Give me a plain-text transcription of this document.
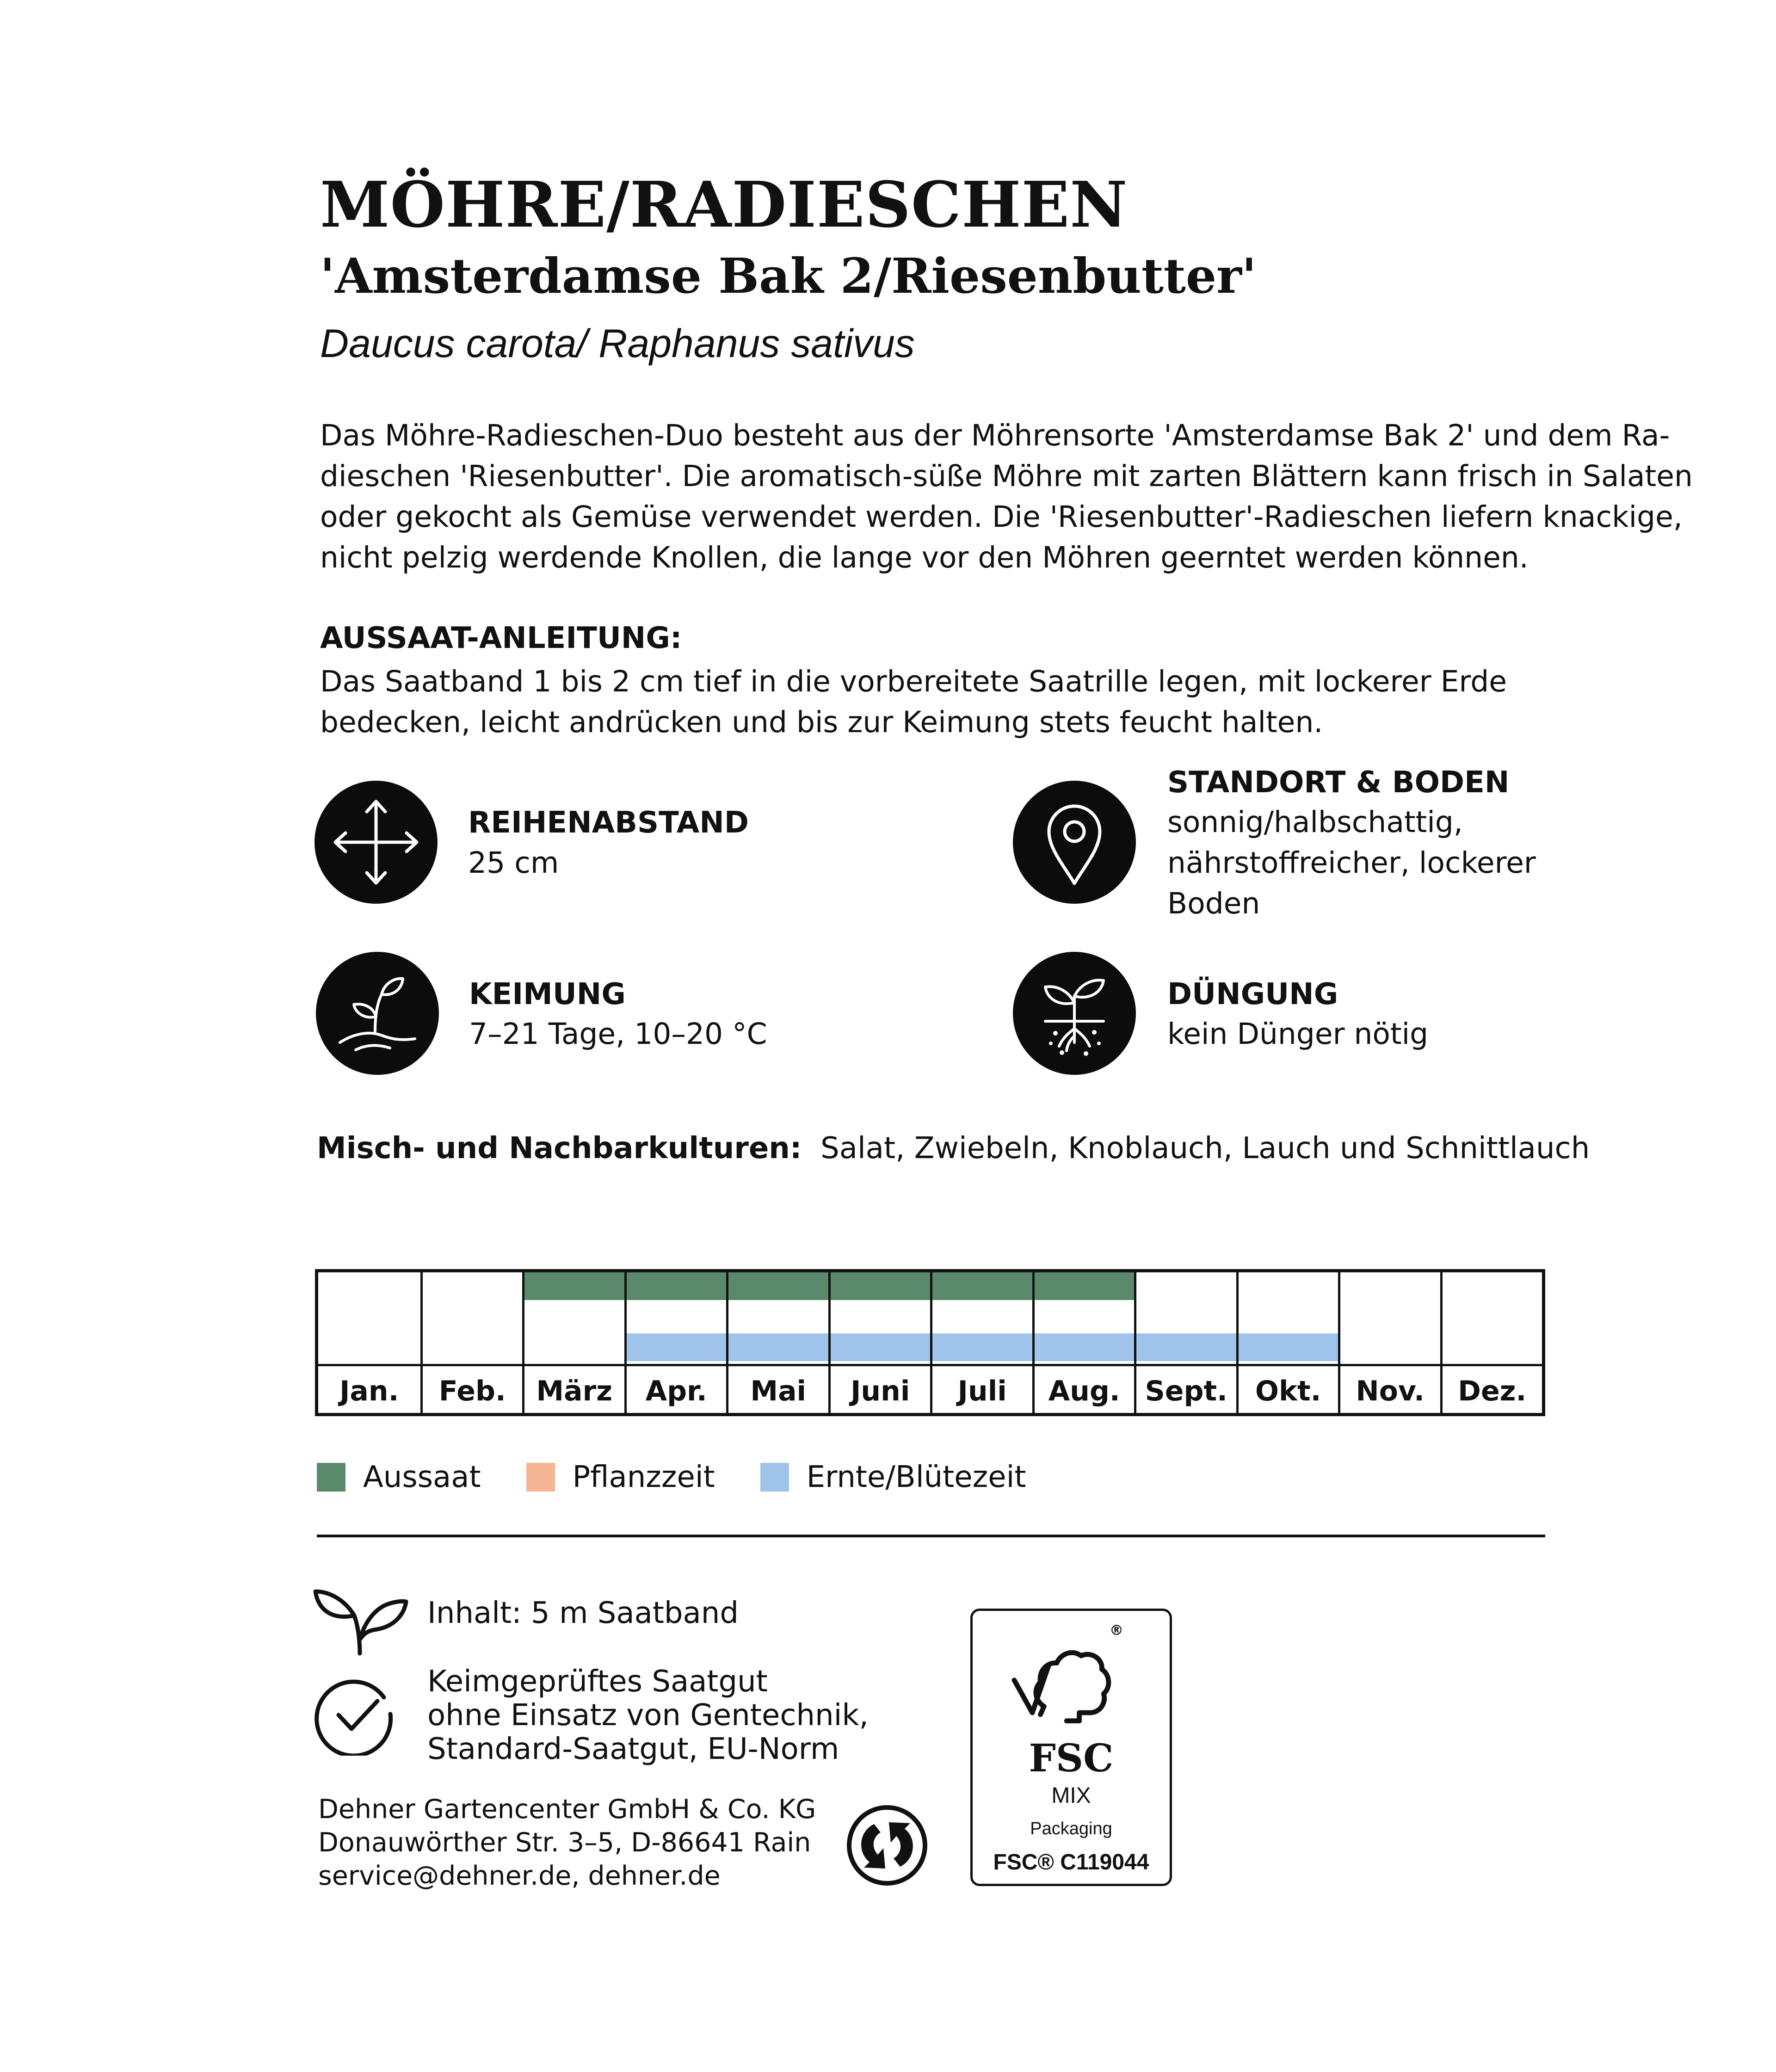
MÖHRE/RADIESCHEN
'Amsterdamse Bak 2/Riesenbutter'
Daucus carota/ Raphanus sativus
Das Möhre-Radieschen-Duo besteht aus der Möhrensorte 'Amsterdamse Bak 2' und dem Ra-
dieschen 'Riesenbutter'. Die aromatisch-süße Möhre mit zarten Blättern kann frisch in Salaten
oder gekocht als Gemüse verwendet werden. Die 'Riesenbutter'-Radieschen liefern knackige,
nicht pelzig werdende Knollen, die lange vor den Möhren geerntet werden können.
AUSSAAT-ANLEITUNG:
Das Saatband 1 bis 2 cm tief in die vorbereitete Saatrille legen, mit lockerer Erde
bedecken, leicht andrücken und bis zur Keimung stets feucht halten.
REIHENABSTAND
25 cm
STANDORT & BODEN
sonnig/halbschattig,
nährstoffreicher, lockerer
Boden
KEIMUNG
7–21 Tage, 10–20 °C
DÜNGUNG
kein Dünger nötig
Misch- und Nachbarkulturen: Salat, Zwiebeln, Knoblauch, Lauch und Schnittlauch
Jan.	Feb.	März	Apr.	Mai	Juni	Juli	Aug. Sept.	Okt.	Nov.	Dez.
Aussaat	Pflanzzeit	Ernte/Blütezeit
Inhalt: 5 m Saatband
Keimgeprüftes Saatgut
ohne Einsatz von Gentechnik,
Standard-Saatgut, EU-Norm
Dehner Gartencenter GmbH & Co. KG
Donauwörther Str. 3–5, D-86641 Rain
service@dehner.de, dehner.de
®
FSC
MIX
Packaging
FSC® C119044
